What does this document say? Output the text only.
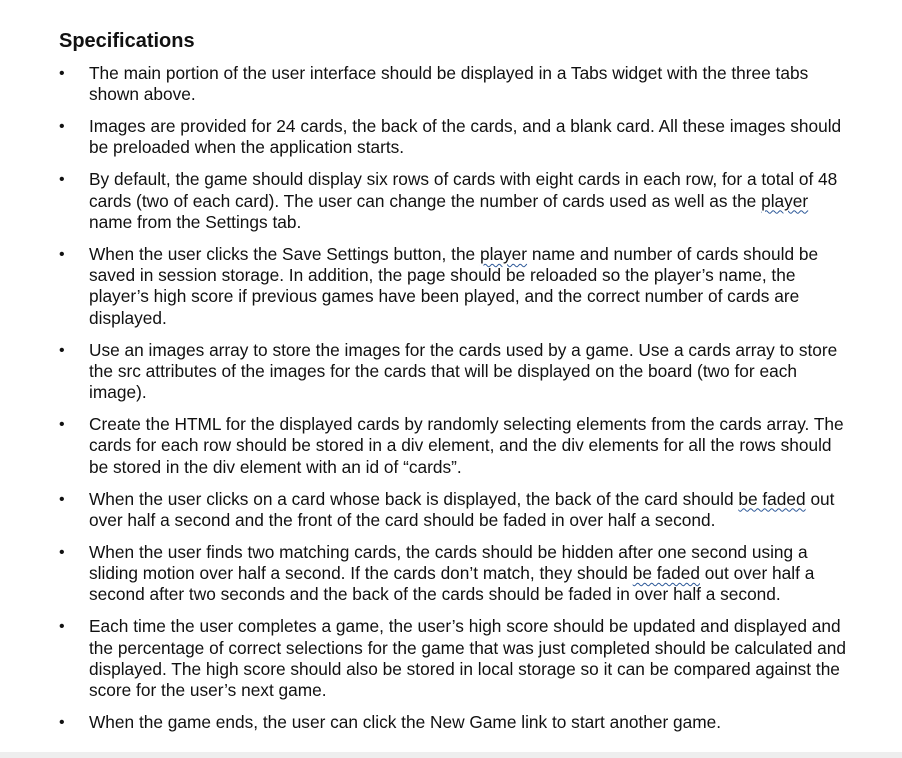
Specifications
•	The main portion of the user interface should be displayed in a Tabs widget with the three tabs shown above.
•	Images are provided for 24 cards, the back of the cards, and a blank card. All these images should be preloaded when the application starts.
•	By default, the game should display six rows of cards with eight cards in each row, for a total of 48 cards (two of each card). The user can change the number of cards used as well as the player name from the Settings tab.
•	When the user clicks the Save Settings button, the player name and number of cards should be saved in session storage. In addition, the page should be reloaded so the player’s name, the player’s high score if previous games have been played, and the correct number of cards are displayed.
•	Use an images array to store the images for the cards used by a game. Use a cards array to store the src attributes of the images for the cards that will be displayed on the board (two for each image).
•	Create the HTML for the displayed cards by randomly selecting elements from the cards array. The cards for each row should be stored in a div element, and the div elements for all the rows should be stored in the div element with an id of “cards”.
•	When the user clicks on a card whose back is displayed, the back of the card should be faded out over half a second and the front of the card should be faded in over half a second.
•	When the user finds two matching cards, the cards should be hidden after one second using a sliding motion over half a second. If the cards don’t match, they should be faded out over half a second after two seconds and the back of the cards should be faded in over half a second.
•	Each time the user completes a game, the user’s high score should be updated and displayed and the percentage of correct selections for the game that was just completed should be calculated and displayed. The high score should also be stored in local storage so it can be compared against the score for the user’s next game.
•	When the game ends, the user can click the New Game link to start another game.
